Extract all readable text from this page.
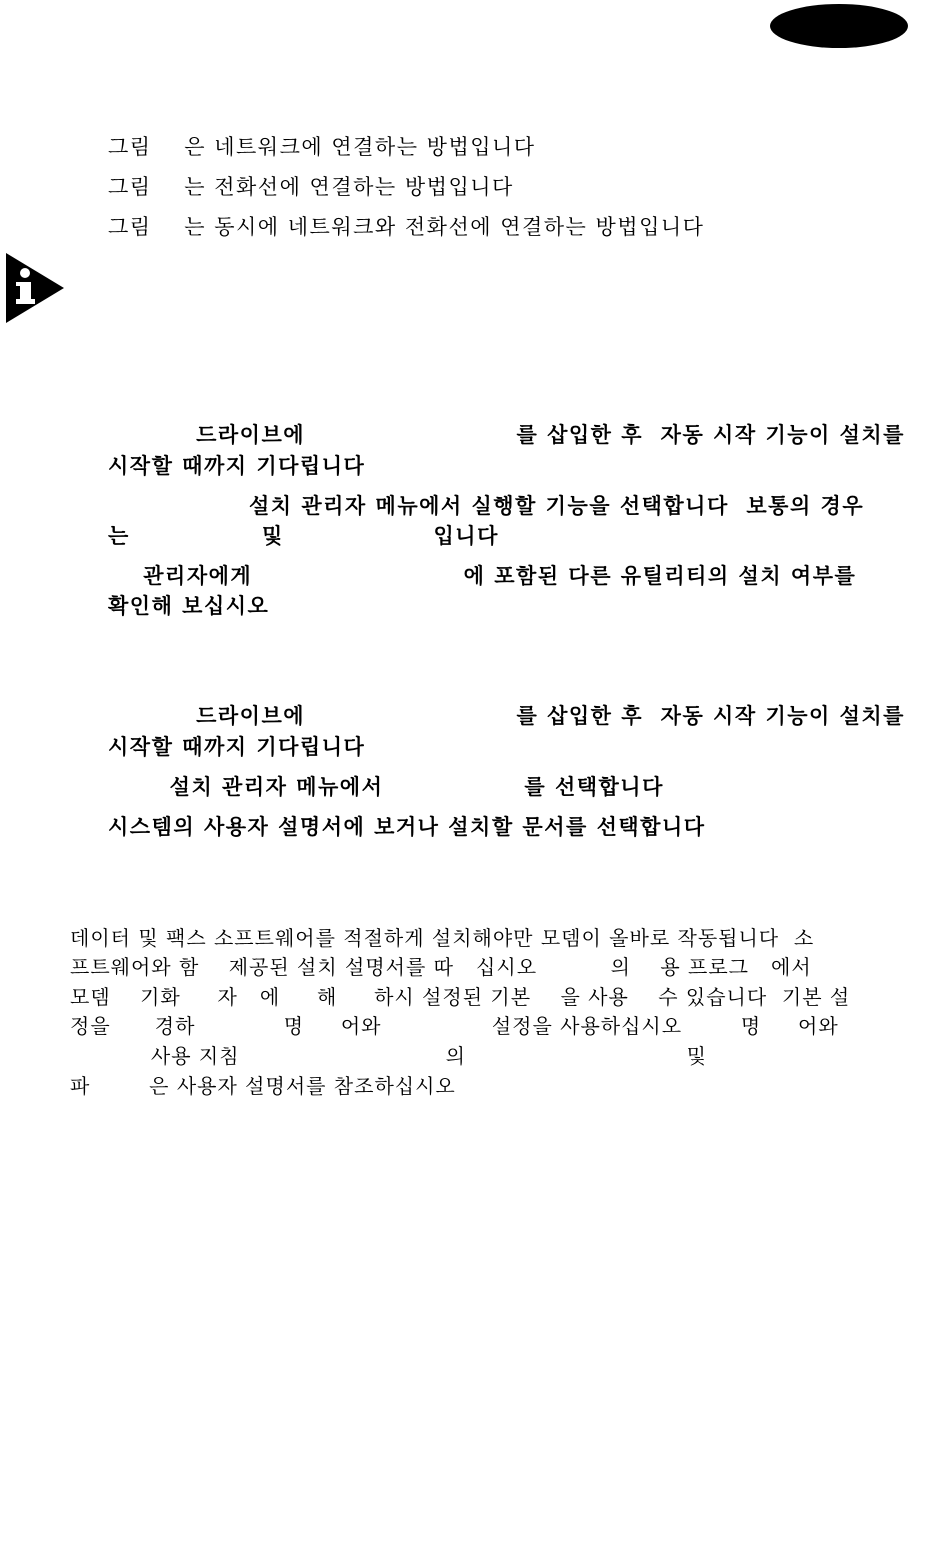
그림    은 네트워크에 연결하는 방법입니다
그림    는 전화선에 연결하는 방법입니다
그림    는 동시에 네트워크와 전화선에 연결하는 방법입니다
드라이브에                        를 삽입한 후  자동 시작 기능이 설치를
시작할 때까지 기다립니다
설치 관리자 메뉴에서 실행할 기능을 선택합니다  보통의 경우
는               및                 입니다
관리자에게                        에 포함된 다른 유틸리티의 설치 여부를
확인해 보십시오
드라이브에                        를 삽입한 후  자동 시작 기능이 설치를
시작할 때까지 기다립니다
설치 관리자 메뉴에서                를 선택합니다
시스템의 사용자 설명서에 보거나 설치할 문서를 선택합니다
데이터 및 팩스 소프트웨어를 적절하게 설치해야만 모뎀이 올바로 작동됩니다  소
프트웨어와 함    제공된 설치 설명서를 따   십시오          의    용 프로그   에서
모뎀    기화     자   에     해     하시 설정된 기본    을 사용    수 있습니다  기본 설
정을      경하            명     어와               설정을 사용하십시오        명     어와
사용 지침                            의                              및
파        은 사용자 설명서를 참조하십시오
